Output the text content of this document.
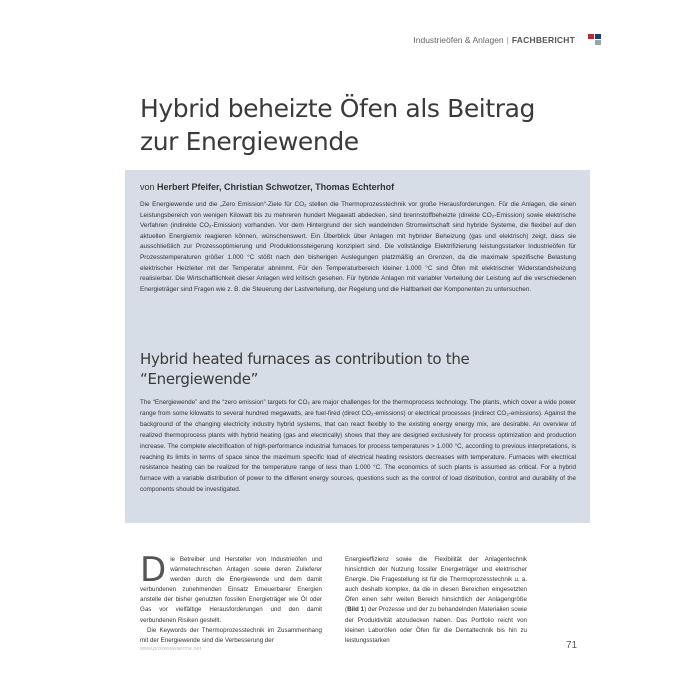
Industrieöfen & Anlagen | FACHBERICHT
Hybrid beheizte Öfen als Beitrag zur Energiewende
von Herbert Pfeifer, Christian Schwotzer, Thomas Echterhof

Die Energiewende und die „Zero Emission“-Ziele für CO₂ stellen die Thermoprozesstechnik vor große Herausforderungen. Für die Anlagen, die einen Leistungsbereich von wenigen Kilowatt bis zu mehreren hundert Megawatt abdecken, sind brennstoffbeheizte (direkte CO₂-Emission) sowie elektrische Verfahren (indirekte CO₂-Emission) vorhanden. Vor dem Hintergrund der sich wandelnden Stromwirtschaft sind hybride Systeme, die flexibel auf den aktuellen Energiemix reagieren können, wünschenswert. Ein Überblick über Anlagen mit hybrider Beheizung (gas und elektrisch) zeigt, dass sie ausschließlich zur Prozessoptimierung und Produktionssteigerung konzipiert sind. Die vollständige Elektrifizierung leistungsstarker Industrieöfen für Prozesstemperaturen größer 1.000 °C stößt nach den bisherigen Auslegungen platzmäßig an Grenzen, da die maximale spezifische Belastung elektrischer Heizleiter mit der Temperatur abnimmt. Für den Temperaturbereich kleiner 1.000 °C sind Öfen mit elektrischer Widerstandsheizung realisierbar. Die Wirtschaftlichkeit dieser Anlagen wird kritisch gesehen. Für hybride Anlagen mit variabler Verteilung der Leistung auf die verschiedenen Energieträger sind Fragen wie z. B. die Steuerung der Lastverteilung, der Regelung und die Haltbarkeit der Komponenten zu untersuchen.

Hybrid heated furnaces as contribution to the “Energiewende”

The “Energiewende” and the “zero emission” targets for CO₂ are major challenges for the thermoprocess technology. The plants, which cover a wide power range from some kilowatts to several hundred megawatts, are fuel-fired (direct CO₂-emissions) or electrical processes (indirect CO₂-emissions). Against the background of the changing electricity industry hybrid systems, that can react flexibly to the existing energy energy mix, are desirable. An overview of realized thermoprocess plants with hybrid heating (gas and electrically) shows that they are designed exclusively for process optimization and production increase. The complete electrification of high-performance industrial furnaces for process temperatures > 1.000 °C, according to previous interpretations, is reaching its limits in terms of space since the maximum specific load of electrical heating resistors decreases with temperature. Furnaces with electrical resistance heating can be realized for the temperature range of less than 1.000 °C. The economics of such plants is assumed as critical. For a hybrid furnace with a variable distribution of power to the different energy sources, questions such as the control of load distribution, control and durability of the components should be investigated.

Die Betreiber und Hersteller von Industrieöfen und wärmetechnischen Anlagen sowie deren Zulieferer werden durch die Energiewende und dem damit verbundenen zunehmenden Einsatz Erneuerbarer Energien anstelle der bisher genutzten fossilen Energieträger wie Öl oder Gas vor vielfältige Herausforderungen und den damit verbundenen Risiken gestellt.

Die Keywords der Thermoprozesstechnik im Zusammenhang mit der Energiewende sind die Verbesserung der

Energieeffizienz sowie die Flexibilität der Anlagentechnik hinsichtlich der Nutzung fossiler Energieträger und elektrischer Energie. Die Fragestellung ist für die Thermoprozesstechnik u. a. auch deshalb komplex, da die in diesen Bereichen eingesetzten Öfen einen sehr weiten Bereich hinsichtlich der Anlagengröße (Bild 1) der Prozesse und der zu behandelnden Materialien sowie der Produktivität abzudecken haben. Das Portfolio reicht von kleinen Laboröfen oder Öfen für die Dentaltechnik bis hin zu leistungsstarken

www.prozesswaerme.net	71
